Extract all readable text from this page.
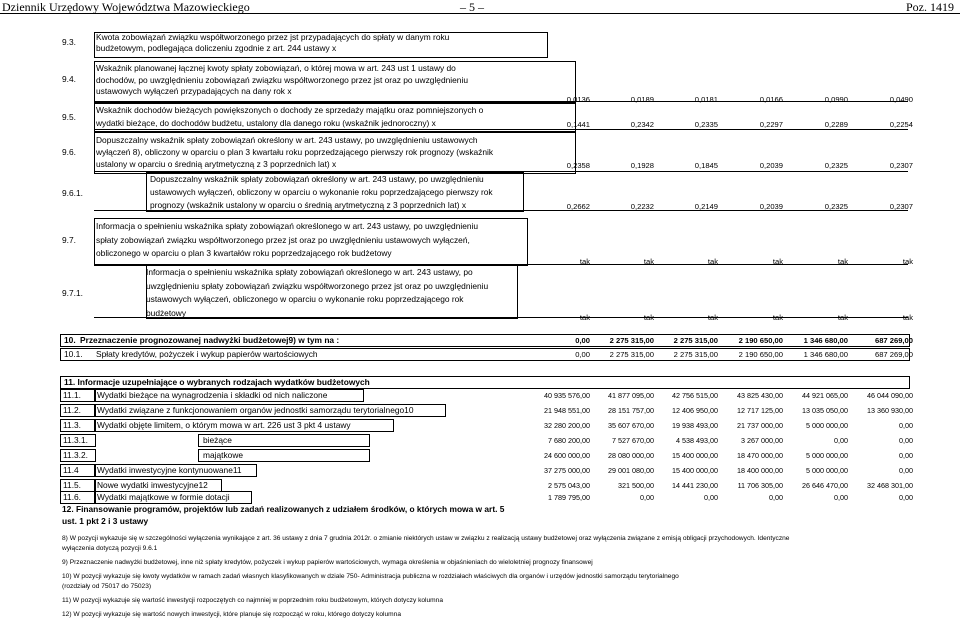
Dziennik Urzędowy Województwa Mazowieckiego	– 5 –	Poz. 1419
9.3. Kwota zobowiązań związku współtworzonego przez jst przypadających do spłaty w danym roku
budżetowym, podlegająca doliczeniu zgodnie z art. 244 ustawy x
9.4.
Wskaźnik planowanej łącznej kwoty spłaty zobowiązań, o której mowa w art. 243 ust 1 ustawy do
dochodów, po uwzględnieniu zobowiązań związku współtworzonego przez jst oraz po uwzględnieniu
ustawowych wyłączeń przypadających na dany rok x
0,0136	0,0189	0,0181	0,0166	0,0990	0,0490
9.5.
Wskaźnik dochodów bieżących powiększonych o dochody ze sprzedaży majątku oraz pomniejszonych o
wydatki bieżące, do dochodów budżetu, ustalony dla danego roku (wskaźnik jednoroczny) x	0,1441	0,2342	0,2335	0,2297	0,2289	0,2254
9.6.
Dopuszczalny wskaźnik spłaty zobowiązań określony w art. 243 ustawy, po uwzględnieniu ustawowych
wyłączeń 8), obliczony w oparciu o plan 3 kwartału roku poprzedzającego pierwszy rok prognozy (wskaźnik
ustalony w oparciu o średnią arytmetyczną z 3 poprzednich lat) x	0,2358	0,1928	0,1845	0,2039	0,2325	0,2307
9.6.1.
Dopuszczalny wskaźnik spłaty zobowiązań określony w art. 243 ustawy, po uwzględnieniu
ustawowych wyłączeń, obliczony w oparciu o wykonanie roku poprzedzającego pierwszy rok
prognozy (wskaźnik ustalony w oparciu o średnią arytmetyczną z 3 poprzednich lat) x	0,2662	0,2232	0,2149	0,2039	0,2325	0,2307
9.7.
Informacja o spełnieniu wskaźnika spłaty zobowiązań określonego w art. 243 ustawy, po uwzględnieniu
spłaty zobowiązań związku współtworzonego przez jst oraz po uwzględnieniu ustawowych wyłączeń,
obliczonego w oparciu o plan 3 kwartałów roku poprzedzającego rok budżetowy
tak	tak	tak	tak	tak	tak
9.7.1.
Informacja o spełnieniu wskaźnika spłaty zobowiązań określonego w art. 243 ustawy, po
uwzględnieniu spłaty zobowiązań związku współtworzonego przez jst oraz po uwzględnieniu
ustawowych wyłączeń, obliczonego w oparciu o wykonanie roku poprzedzającego rok
budżetowy	tak	tak	tak	tak	tak	tak
10. Przeznaczenie prognozowanej nadwyżki budżetowej9) w tym na :	0,00	2 275 315,00	2 275 315,00	2 190 650,00	1 346 680,00	687 269,00
10.1. Spłaty kredytów, pożyczek i wykup papierów wartościowych	0,00	2 275 315,00	2 275 315,00	2 190 650,00	1 346 680,00	687 269,00
11. Informacje uzupełniające o wybranych rodzajach wydatków budżetowych
11.1. Wydatki bieżące na wynagrodzenia i składki od nich naliczone	40 935 576,00	41 877 095,00	42 756 515,00	43 825 430,00	44 921 065,00	46 044 090,00
11.2. Wydatki związane z funkcjonowaniem organów jednostki samorządu terytorialnego10	21 948 551,00	28 151 757,00	12 406 950,00	12 717 125,00	13 035 050,00	13 360 930,00
11.3. Wydatki objęte limitem, o którym mowa w art. 226 ust 3 pkt 4 ustawy	32 280 200,00	35 607 670,00	19 938 493,00	21 737 000,00	5 000 000,00	0,00
11.3.1.	bieżące	7 680 200,00	7 527 670,00	4 538 493,00	3 267 000,00	0,00	0,00
11.3.2.	majątkowe	24 600 000,00	28 080 000,00	15 400 000,00	18 470 000,00	5 000 000,00	0,00
11.4 Wydatki inwestycyjne kontynuowane11	37 275 000,00	29 001 080,00	15 400 000,00	18 400 000,00	5 000 000,00	0,00
11.5. Nowe wydatki inwestycyjne12	2 575 043,00	321 500,00	14 441 230,00	11 706 305,00	26 646 470,00	32 468 301,00
11.6. Wydatki majątkowe w formie dotacji	1 789 795,00	0,00	0,00	0,00	0,00	0,00
12. Finansowanie programów, projektów lub zadań realizowanych z udziałem środków, o których mowa w art. 5
ust. 1 pkt 2 i 3 ustawy
8) W pozycji wykazuje się w szczególności wyłączenia wynikające z art. 36 ustawy z dnia 7 grudnia 2012r. o zmianie niektórych ustaw w związku z realizacją ustawy budżetowej oraz wyłączenia związane z emisją obligacji przychodowych. Identyczne
wyłączenia dotyczą pozycji 9.6.1
9) Przeznaczenie nadwyżki budżetowej, inne niż spłaty kredytów, pożyczek i wykup papierów wartościowych, wymaga określenia w objaśnieniach do wieloletniej prognozy finansowej
10) W pozycji wykazuje się kwoty wydatków w ramach zadań własnych klasyfikowanych w dziale 750- Administracja publiczna w rozdziałach właściwych dla organów i urzędów jednostki samorządu terytorialnego
(rozdziały od 75017 do 75023)
11) W pozycji wykazuje się wartość inwestycji rozpoczętych co najmniej w poprzednim roku budżetowym, których dotyczy kolumna
12) W pozycji wykazuje się wartość nowych inwestycji, które planuje się rozpocząć w roku, którego dotyczy kolumna
